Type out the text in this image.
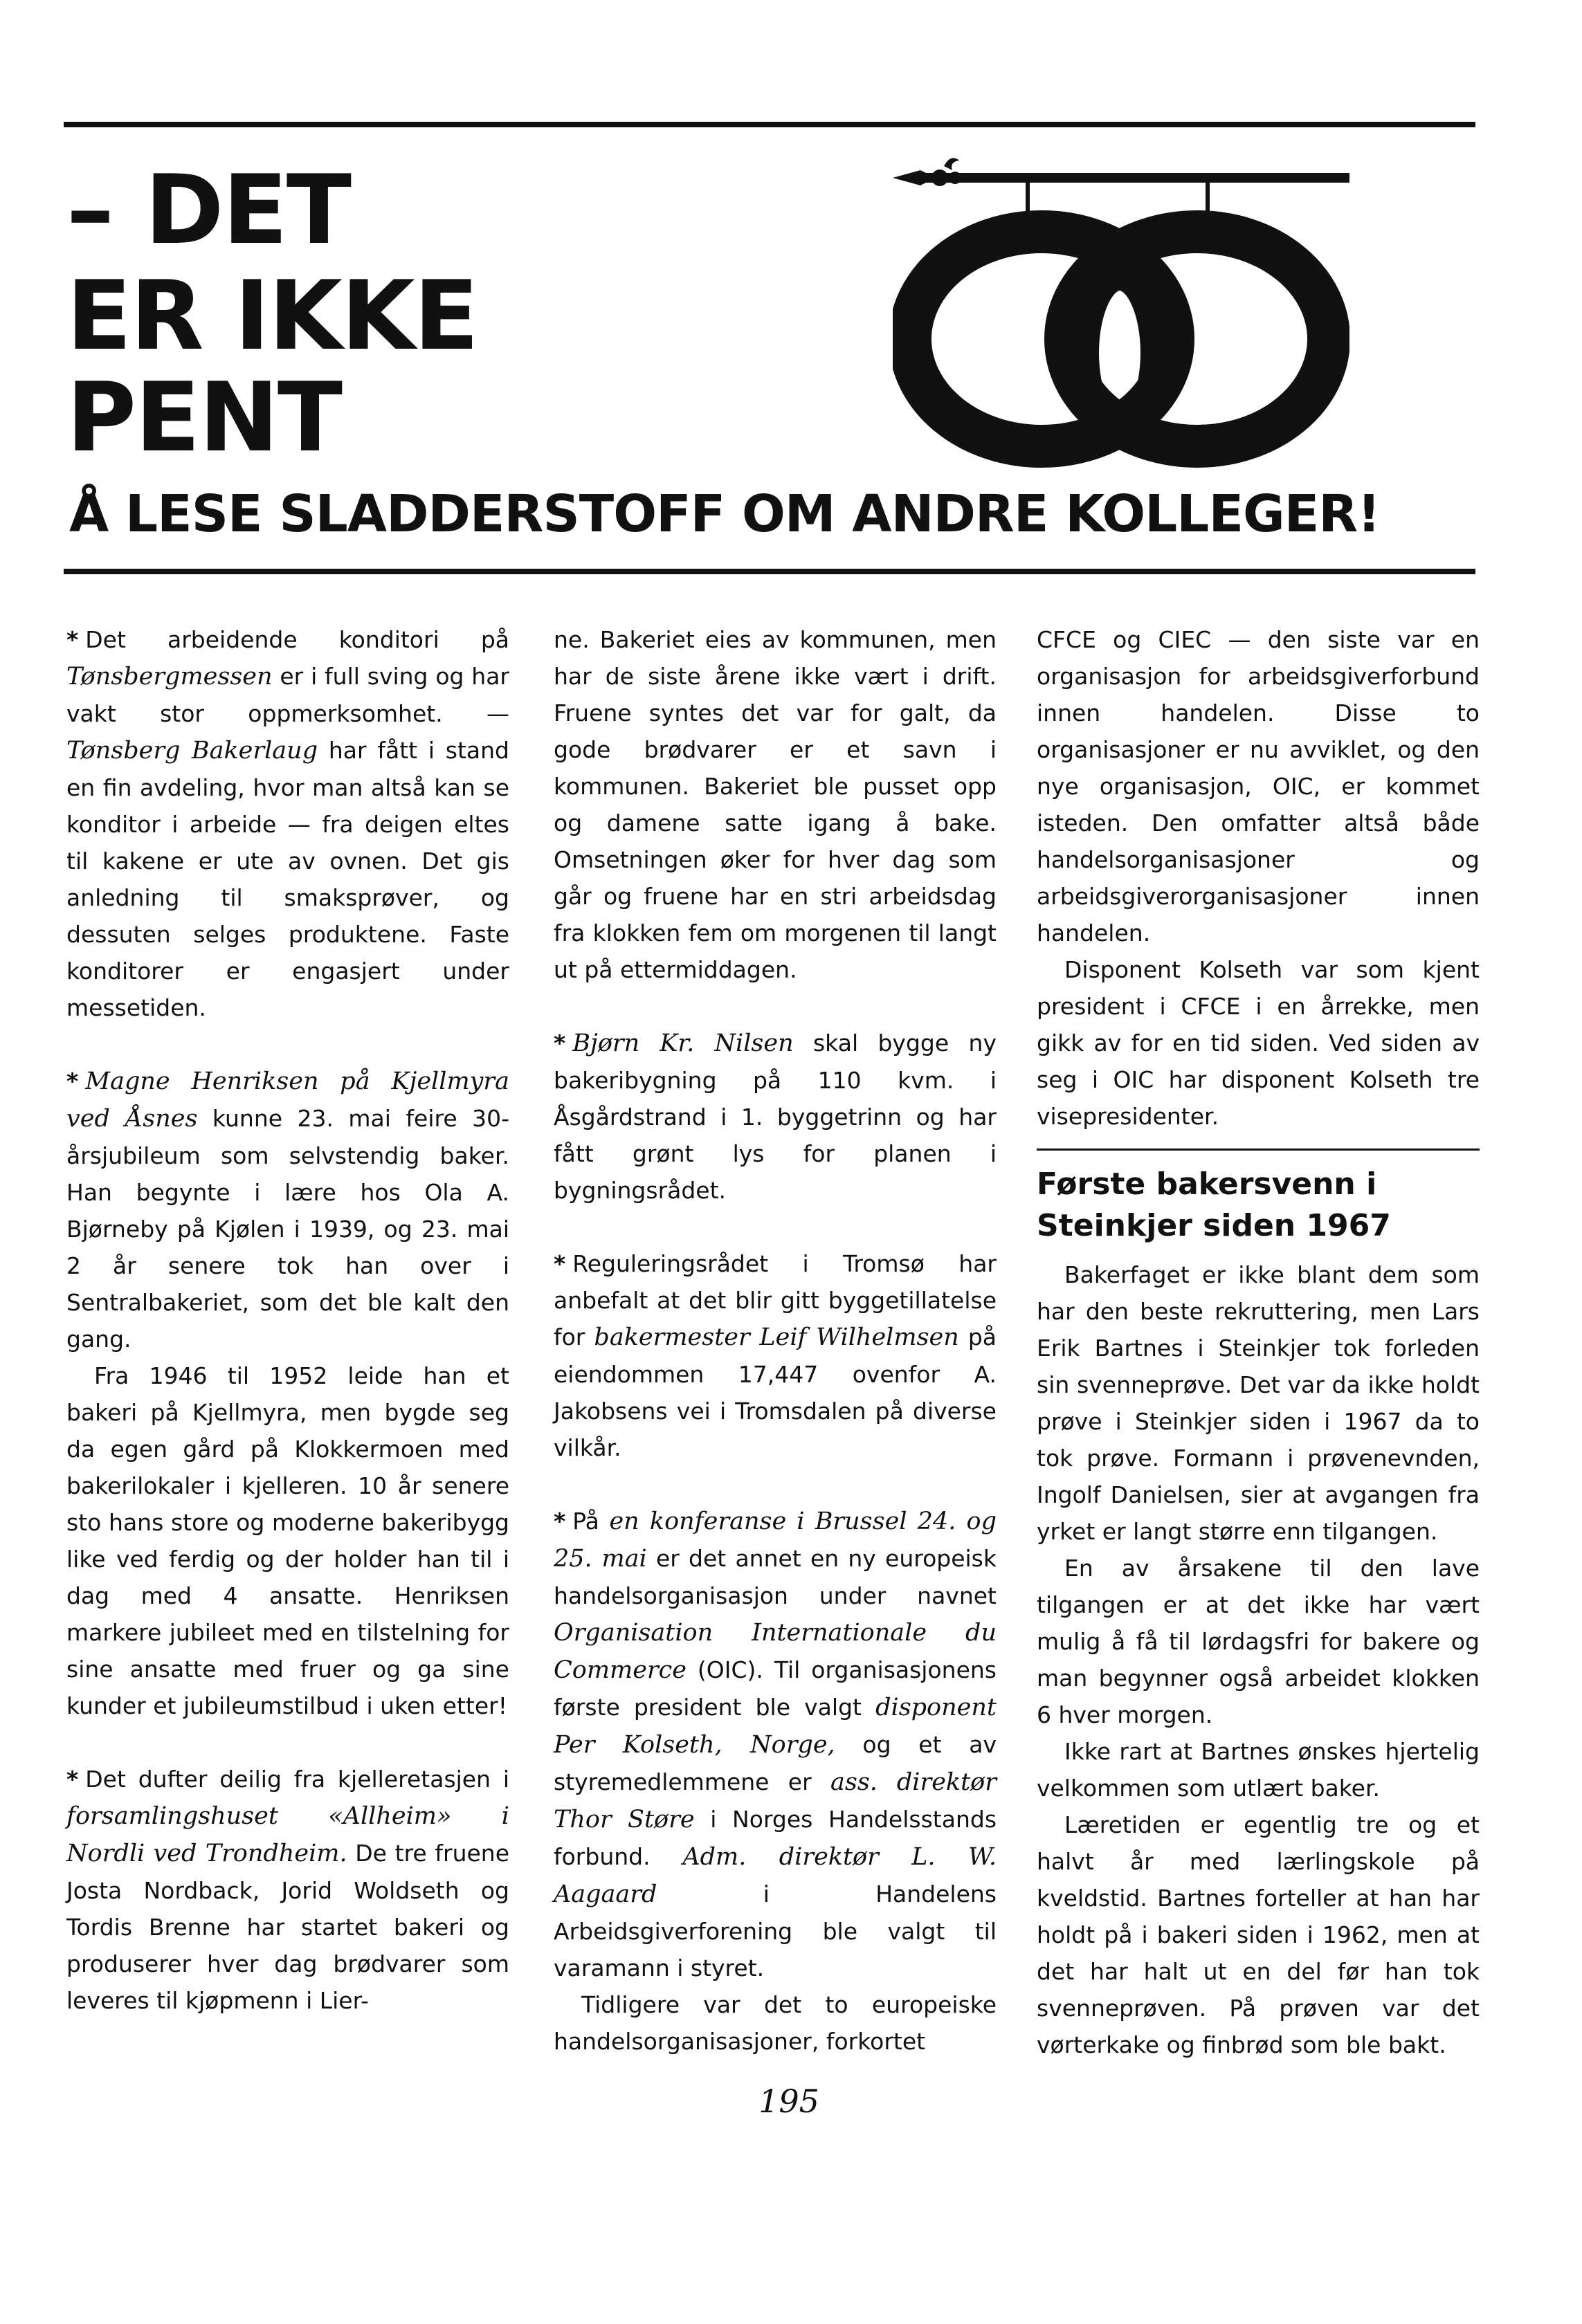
– DET
ER IKKE
PENT
Å LESE SLADDERSTOFF OM ANDRE KOLLEGER!

* Det arbeidende konditori på Tønsbergmessen er i full sving og har vakt stor oppmerksomhet. — Tønsberg Bakerlaug har fått i stand en fin avdeling, hvor man altså kan se konditor i arbeide — fra deigen eltes til kakene er ute av ovnen. Det gis anledning til smaksprøver, og dessuten selges produktene. Faste konditorer er engasjert under messetiden.

* Magne Henriksen på Kjellmyra ved Åsnes kunne 23. mai feire 30-årsjubileum som selvstendig baker. Han begynte i lære hos Ola A. Bjørneby på Kjølen i 1939, og 23. mai 2 år senere tok han over i Sentralbakeriet, som det ble kalt den gang.

Fra 1946 til 1952 leide han et bakeri på Kjellmyra, men bygde seg da egen gård på Klokkermoen med bakerilokaler i kjelleren. 10 år senere sto hans store og moderne bakeribygg like ved ferdig og der holder han til i dag med 4 ansatte. Henriksen markere jubileet med en tilstelning for sine ansatte med fruer og ga sine kunder et jubileumstilbud i uken etter!

* Det dufter deilig fra kjelleretasjen i forsamlingshuset «Allheim» i Nordli ved Trondheim. De tre fruene Josta Nordback, Jorid Woldseth og Tordis Brenne har startet bakeri og produserer hver dag brødvarer som leveres til kjøpmenn i Lier-

ne. Bakeriet eies av kommunen, men har de siste årene ikke vært i drift. Fruene syntes det var for galt, da gode brødvarer er et savn i kommunen. Bakeriet ble pusset opp og damene satte igang å bake. Omsetningen øker for hver dag som går og fruene har en stri arbeidsdag fra klokken fem om morgenen til langt ut på ettermiddagen.

* Bjørn Kr. Nilsen skal bygge ny bakeribygning på 110 kvm. i Åsgårdstrand i 1. byggetrinn og har fått grønt lys for planen i bygningsrådet.

* Reguleringsrådet i Tromsø har anbefalt at det blir gitt byggetillatelse for bakermester Leif Wilhelmsen på eiendommen 17,447 ovenfor A. Jakobsens vei i Tromsdalen på diverse vilkår.

* På en konferanse i Brussel 24. og 25. mai er det annet en ny europeisk handelsorganisasjon under navnet Organisation Internationale du Commerce (OIC). Til organisasjonens første president ble valgt disponent Per Kolseth, Norge, og et av styremedlemmene er ass. direktør Thor Støre i Norges Handelsstands forbund. Adm. direktør L. W. Aagaard i Handelens Arbeidsgiverforening ble valgt til varamann i styret.

Tidligere var det to europeiske handelsorganisasjoner, forkortet

CFCE og CIEC — den siste var en organisasjon for arbeidsgiverforbund innen handelen. Disse to organisasjoner er nu avviklet, og den nye organisasjon, OIC, er kommet isteden. Den omfatter altså både handelsorganisasjoner og arbeidsgiverorganisasjoner innen handelen.

Disponent Kolseth var som kjent president i CFCE i en årrekke, men gikk av for en tid siden. Ved siden av seg i OIC har disponent Kolseth tre visepresidenter.

Første bakersvenn i Steinkjer siden 1967

Bakerfaget er ikke blant dem som har den beste rekruttering, men Lars Erik Bartnes i Steinkjer tok forleden sin svenneprøve. Det var da ikke holdt prøve i Steinkjer siden i 1967 da to tok prøve. Formann i prøvenevnden, Ingolf Danielsen, sier at avgangen fra yrket er langt større enn tilgangen.

En av årsakene til den lave tilgangen er at det ikke har vært mulig å få til lørdagsfri for bakere og man begynner også arbeidet klokken 6 hver morgen.

Ikke rart at Bartnes ønskes hjertelig velkommen som utlært baker.

Læretiden er egentlig tre og et halvt år med lærlingskole på kveldstid. Bartnes forteller at han har holdt på i bakeri siden i 1962, men at det har halt ut en del før han tok svenneprøven. På prøven var det vørterkake og finbrød som ble bakt.

195
